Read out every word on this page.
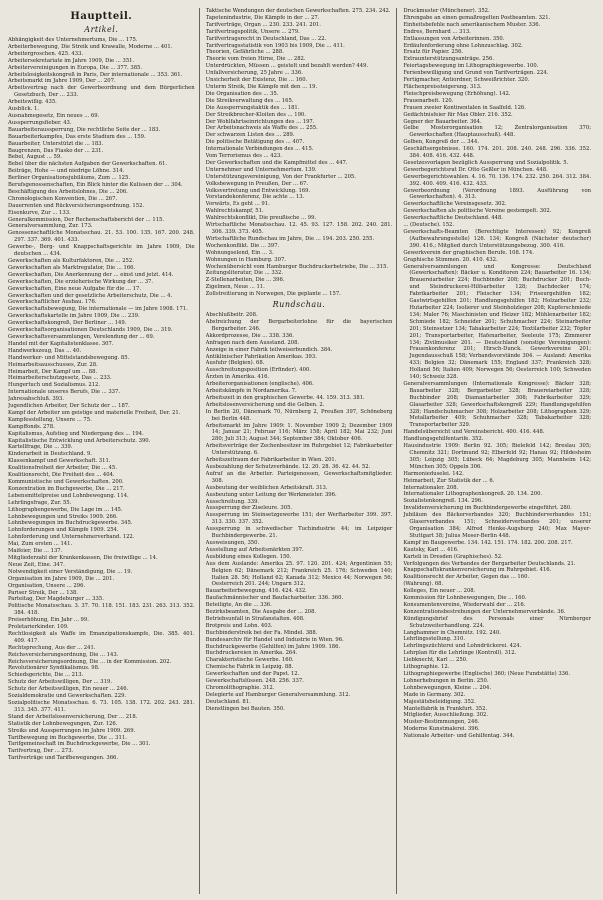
Hauptteil.
Artikel.
Abhängigkeit des Unternehmertums, Die ... 175.
Arbeiterbewegung, Die Streik und Krawalle, Moderne ... 401.
Arbeitergroschen. 425. 433.
Arbeitersekretariate im Jahre 1909, Die ... 351.
Arbeitervereinigungen in Europa, Die ... 377. 385.
Arbeitslosigkeitskongreß in Paris, Der internationale ... 353. 361.
Arbeitsmarkt im Jahre 1909, Der ... 207.
Arbeitsvertrag nach der Gewerbeordnung und dem Bürgerlichen Gesetzbuch, Der ... 233.
Arbeitswillig. 435.
Ausblick. 1.
Ausnahmegesetz, Ein neues ... 69.
Aussperrungsfieber. 43.
Bauarbeiteraussperrung, Die rechtliche Seite der ... 183.
Bauarbeiterkampfes, Das erste Stadium des ... 159.
Bauarbeiter, Unterstützt die ... 183.
Baugrenzen, Das Fiasko der ... 231.
Bebel, August ... 59.
Bebel über die nächsten Aufgaben der Gewerkschaften. 61.
Beiträge, Hohe — und niedrige Löhne. 314.
Berliner Organisationsjubiläums, Zum ... 125.
Berufsgenossenschaften, Ein Blick hinter die Kulissen der ... 304.
Beschäftigung des Arbeitslohnes, Die ... 206.
Chronologischen Konvention, Die ... 267.
Dauerrenten und Rückversicherungsordnung. 152.
Eisenkurve, Zur ... 133.
Generalkommission, Der Rechenschaftsbericht der ... 115.
Generalversammlung, Zur. 173.
Genossenschaftliche Monatsschau. 21. 53. 100. 135. 167. 200. 248. 297. 337. 369. 401. 433.
Gewerbe-, Berg- und Knappschaftsgerichte im Jahre 1909, Die deutschen ... 434.
Gewerkschaften als Kulturfaktoren, Die ... 252.
Gewerkschaften als Marktregulator, Die ... 166.
Gewerkschaften, Die Anerkennung der ... einst und jetzt. 414.
Gewerkschaften, Die erzieherische Wirkung der ... 37.
Gewerkschaften, Eine neue Aufgabe für die ... 17.
Gewerkschaften und der gesetzliche Arbeiterschutz, Die ... 4.
Gewerkschaftlicher Ausbau. 176.
Gewerkschaftsbewegung, Die internationale — im Jahre 1908. 171.
Gewerkschaftskartelle im Jahre 1909, Die ... 239.
Gewerkschaftskongreß, Der Berliner ... 149.
Gewerkschaftsorganisationen Deutschlands 1909, Die ... 319.
Gewerkschaftsversammlungen, Verelendung der ... 69.
Handel mit der Kapitalistenklasse. 307.
Handwerkszeug, Das ... 40.
Handwerker- und Mittelstandsbewegung. 85.
Heimarbeitsausschusses, Zur. 28.
Heimarbeit, Der Kampf um ... 88.
Heimarbeiterschutzgesetz, Das ... 233.
Hungertuch und Sozialismus. 212.
Internationale unseres Berufs, Die ... 337.
Jahresabschluß. 393.
Jugendlichen Arbeiter, Der Schutz der ... 187.
Kampf der Arbeiter um geistige und materielle Freiheit, Der. 21.
Kampfesstellung, Unsere ... 75.
Kampffonds. 278.
Kapitalismus, Aufstieg und Niedergang des ... 194.
Kapitalistische Entwicklung und Arbeiterschutz. 390.
Kartellfrage, Die ... 339.
Kinderarbeit in Deutschland. 9.
Klassenkampf und Gewerkschaft. 311.
Koalitionsfreiheit der Arbeiter, Die ... 45.
Koalitionsrecht, Die Freiheit des ... 404.
Kommunistische und Gewerkschaften. 200.
Konzentration im Buchgewerbe, Die ... 217.
Lebensmittelpreise und Lohnbewegung. 114.
Lehrlingsfrage, Zur. 55.
Lithographengewerbe, Die Lage im ... 145.
Lohnbewegungen und Streiks 1909. 266.
Lohnbewegungen im Buchdruckgewerbe. 345.
Lohnforderungen und Kämpfe 1909. 254.
Lohnforderung und Unternehmerverband. 122.
Mai, Zum ersten ... 141.
Maifeier, Die ... 137.
Mitgliederzahl der Krankenkassen, Die freiwillige ... 14.
Neue Zeit, Eine. 347.
Notwendigkeit einer Verständigung, Die ... 19.
Organisation im Jahre 1909, Die ... 201.
Organisation, Unsere ... 296.
Pariser Streik, Der ... 138.
Parteitag, Der Magdeburger ... 335.
Politische Monatsschau. 3. 37. 70. 118. 151. 183. 231. 263. 313. 352. 384. 418.
Preiserhöhung, Ein Jahr ... 99.
Proletarierkinder. 109.
Rechtlosigkeit als Waffe im Emanzipationskampfe, Die. 385. 401. 409. 417.
Rechtsprechung, Aus der ... 241.
Reichsversicherungsordnung, Die ... 143.
Reichsversicherungsordnung, Die ... in der Kommission. 202.
Revolutionärer Syndikalismus. 98.
Schiedsgerichte, Die ... 213.
Schutz der Arbeitswilligen, Der ... 319.
Schutz der Arbeitswilligen, Ein neuer ... 246.
Sozialdemokratie und Gewerkschaften. 229.
Sozialpolitische Monatsschau. 6. 73. 105. 138. 172. 202. 243. 281. 313. 345. 377. 411.
Stand der Arbeitslosenversicherung, Der ... 218.
Statistik der Lohnbewegungen, Zur. 126.
Streiks und Aussperrungen im Jahre 1909. 269.
Tarifbewegung im Buchgewerbe, Die ... 311.
Tarifgemeinschaft im Buchdruckgewerbe, Die ... 301.
Tarifvertrag, Der ... 273.
Tarifverträge und Tarifbewegungen. 366.
Taktische Wendungen der deutschen Gewerkschaften. 275. 234. 242.
Tapetenindustrie, Die Kämpfe in der ... 27.
Tarifverträge, Organ ... 230. 233. 241. 201.
Tarifvertragspolitik, Unsere ... 279.
Tarifvertragsrecht in Deutschland, Das ... 22.
Tarifvertragsstatistik von 1903 bis 1909, Die ... 411.
Theorien, Gefährliche ... 288.
Theorie vom freien Hirne, Die ... 282.
Unterdrückten, Müssen ... geistelt und bezahlt werden? 449.
Unfallversicherung, 25 Jahre ... 336.
Unsicherheit der Existenz, Die ... 160.
Unterm Streik, Die Kämpfe mit den ... 19.
Die Organisation des ... 35.
Die Streikverwaltung des ... 165.
Die Aussperrungstaktik des ... 181.
Der Streikbrecher-Kloiten des ... 190.
Der Wohlfahrtseinrichtungen des ... 197.
Der Arbeitsnachweis als Waffe des ... 255.
Der schwarzen Listen des ... 289.
Die politische Betätigung des ... 407.
Internationale Verbindungen des ... 415.
Vom Terrorismus des ... 423.
Der Gewerkschaften und die Kampfmittel des ... 447.
Unternehmer und Unternehmertum. 139.
Unterstützungsvereinigung, Von der Frankfurter ... 205.
Volksbewegung in Preußen, Der ... 67.
Volksvertretung und Entwicklung. 169.
Vorstandekonferenz, Die achte ... 13.
Vorwärts, Es geht ... 91.
Wahlrechtskampf, 51.
Wahlrechtskonflikt, Die preußische ... 99.
Wirtschaftliche Monatsschau. 12. 45. 93. 127. 158. 202. 240. 281. 306. 339. 373. 405.
Wirtschaftliche Rundschau im Jahre, Die ... 194. 203. 250. 255.
Wochenkonflikt. Die ... 397.
Wohnungselend, Ein ... 3.
Wohnungen in Hamburg. 307.
Wochenübersicht vom Hamburger Buchdruckerbetriebe, Die ... 315.
Zeitungsliteratur, Die ... 332.
Z-Stellenarbeiten, Die ... 396.
Zigelmen, Neue ... 11.
Zollstreitierung in Norwegen, Die geplante ... 157.
Rundschau.
Abschlußbeitr. 208.
Abstreichung der Bergarbeiterlohne für die bayerischen Bergarbeiter. 246.
Akkordprozesse, Die ... 338. 336.
Anfragen nach dem Ausstand. 208.
Anzeige in einer Fabrik teilweiserbundich. 384.
Antiklinischer Fabrikation Amerikas. 393.
Ausfuhr (Belgien). 68.
Ausschreitungsposition (Erfinder). 400.
Ärzten in Amerika. 416.
Arbeiterorganisationen (englische). 406.
Arbeitskämpfe in Nordamerika. 7.
Arbeitszeit in den graphischen Gewerbe. 44. 159. 313. 381.
Arbeitslosenversicherung und die Gelben. 2.
In Berlin 20, Dänemark 70, Nürnberg 2, Preußen 397, Schöneberg bei Berlin 448.
Arbeitsmarkt im Jahre 1909: 1. November 1909 2; Dezember 1909 14; Januar 21; Februar 116; März 158; April 182; Mai 232; Juni 280; Juli 313; August 344; September 384; Oktober 406.
Arbeitsverträge der Zechenbesitzer im Ruhrgebiet 12; Fabrikarbeiter Unterstützung. 6.
Arbeitszeitraum der Fabrikarbeiter in Wien. 201.
Ausbezahlung der Schutzverbände. 12. 20. 28. 36. 42. 44. 52.
Aufruf an die Arbeiter. Parteigenossen, Gewerkschaftsmitglieder. 308.
Ausbeutung der weiblichen Arbeitskraft. 313.
Ausbeutung unter Leitung der Werkmeister. 396.
Ausschreitung. 339.
Aussperrung der Ziseleure. 305.
Aussperrung im Steinsetzgewerbe 151; der Werftarbeiter 399. 397. 313. 330. 337. 352.
Aussperrung in schwedischer Tuchindustrie 44; im Leipziger Buchbindergewerbe. 21.
Ausweisungen, 350.
Ausstellung auf Arbeitsmärkten 397.
Ausbildung eines Kollegen. 150.
Aus dem Auslande: Amerika 25. 97. 120. 201. 424; Argentinien 55; Belgien 62; Dänemark 212; Frankreich 25. 176; Schweden 140; Italien 28. 56; Holland 62; Kanada 312; Mexico 44; Norwegen 56; Oesterreich 201. 244; Ungarn 312.
Bauarbeiterbewegung. 416. 424. 432.
Baufachmännischer und Baufacharbeiter. 336. 360.
Beteiligte, An die ... 336.
Bezirksbeamten, Die Ausgabe der ... 208.
Betriebsunfall in Strafanstalten. 408.
Brotpreis und Lohn. 403.
Buchbinderstreik bei der Fa. Mindel. 388.
Bundesarchiv für Handel und Industrie in Wien. 96.
Buchdruckgewerbe (Gehilfen) im Jahre 1909. 186.
Buchdruckereien in Amerika. 264.
Charakteristische Gewerbe. 160.
Chemische Fabrik in Leipzig. 88.
Gewerkschaften und der Papst. 12.
Gewerkschaftslüssen. 248. 256. 337.
Chromolithographie. 312.
Delegierte auf Hamburger Generalversammlung. 312.
Deutschland. 81.
Dienstlingen bei Bauten. 350.
Druckmuster (Münchener). 352.
Ehrengabe an einen gemaßregelten Postbeamten. 321.
Einheitsbefehle nach amerikanischem Muster. 336.
Endres, Bernhard ... 313.
Entlassungen von Arbeiterinnen. 350.
Erdäufenforderung ohne Lohnzuschlag. 302.
Ersatz für Papier. 256.
Extraunterstützungsanträge. 256.
Feiertagsbewegung im Lithographiegewerbe. 100.
Ferienbewilligung und Grund von Tarifverträgen. 224.
Fertigmacher, Antiordner, Schweißrichter. 320.
Flächenpreissteigerung. 313.
Fleischpreisbewegung (Erhöhung). 142.
Frauenarbeit. 120.
Frauen zweier Kontinentalen in Saalfeld. 126.
Gedächtnisfeier für Max Obler. 216. 352.
Gegner der Bauarbeiter. 364.
Gelbe Mosterorganisation 12; Zentralorganisation 370; Gewerkschaften (Hauptausschuß). 448.
Gelben, Kongreß der ... 344.
Geschäftsergebnisse. 160. 174. 201. 208. 240. 248. 296. 336. 352. 384. 408. 416. 432. 448.
Gesetzesvorlagen bezüglich Aussperrung und Sozialpolitik. 5.
Gewerbegerichtsrat Dr. Otto Geßler in München. 448.
Gewerbegerichtswahlen. 4. 16. 70. 136. 174. 232. 250. 264. 312. 384. 392. 400. 409. 416. 432. 433.
Gewerbeordnung (Verordnung 1893. Ausführung von Gewerkschaften). 4. 313.
Gewerkschaftliche Vereinsgesetz. 302.
Gewerkschaften als politische Vereine gestempelt. 302.
Gewerkschaftliche Deutschland. 448.
... (Deutsche). 152.
Gewerkschafts-Beamten (Berechtigte Interessen) 92; Kongreß (Aufbewahrungsstelle) 126. 134; Kongreß (Nächster deutscher) 390. 416.; Mitglied durch Unterstützungsbezug. 300. 416.
Gewerkverein der graphischen Berufe. 108. 174.
Graphische Stimmen. 20. 410. 432.
Generalversammlungen und Kongresse: Deutschland (Gewerkschaften): Bäcker u. Konditoren 224; Bauarbeiter 16. 134; Brauereiarbeiter 224; Buchbinder 208; Buchdrucker 201; Buch- und Steindruckerei-Hilfsarbeiter 128; Dachdecker 174; Fabrikarbeiter 201; Fleischer 134; Friseurgehilfen 182; Gastwirtsgehilfen 201; Handlungsgehilfen 182; Holzarbeiter 232; Hutarbeiter 224; Isolierer und Steinholzleger 208; Kupferschmiede 134; Maler 76; Maschinisten und Heizer 182; Mühlenarbeiter 182; Schmiede 182; Schneider 201; Schuhmacher 224; Steinarbeiter 201; Steinsetzer 134; Tabakarbeiter 224; Textilarbeiter 232; Töpfer 201; Transportarbeiter, Hafenarbeiter, Seeleute 175; Zimmerer 134; Zivilmusiker 201. — Deutschland (sonstige Vereinigungen): Frauenkonferenz 201; Hirsch-Dunck. Gewerkvereine 201; Jugendausschuß 158; Verbandsvorstände 304. — Ausland: Amerika 433; Belgien 32; Dänemark 155; England 337; Frankreich 328; Holland 56; Italien 409; Norwegen 56; Oesterreich 100; Schweden 140; Schweiz 328.
Generalversammlungen (Internationale Kongresse): Bäcker 328; Bauarbeiter 328; Bergarbeiter 328; Brauereiarbeiter 328; Buchbinder 208; Diamantarbeiter 308; Fabrikarbeiter 329; Glasarbeiter 328; Gewerkschaftskongreß 229; Handlungsgehilfen 328; Handschuhmacher 308; Holzarbeiter 208; Lithographen 329; Metallarbeiter 409; Schuhmacher 328; Tabakarbeiter 328; Transportarbeiter 329.
Handelsübersicht und Vereinsbericht. 400. 416. 448.
Handlungsgehilfentarife. 352.
Hausindustrie 1909: Berlin 92. 305; Bielefeld 142; Breslau 305; Chemnitz 321; Dortmund 92; Elberfeld 92; Hanau 92; Hildesheim 305; Leipzig 305; Lübeck 64; Magdeburg 305; Mannheim 142; München 305; Oppeln 306.
Harmonieduselei. 142.
Heimarbeit, Zur Statistik der ... 6.
Internationaler. 208.
Internationaler Lithographenkongreß. 20. 134. 200.
Sozialistenkongreß. 134. 296.
Invalidenversicherung im Buchbindergewerbe eingeführt. 280.
Jubiläum des Bäckerverbandes 320; Buchbinderverbandes 151; Glaserverbandes 151; Schneiderverbandes 201; unserer Organisation 384; Alfred Henke-Augsburg 240; Max Mayer-Stuttgart 38; Julius Moser-Berlin 448.
Kampf im Baugewerbe. 134. 142. 151. 174. 182. 200. 208. 217.
Kautsky, Karl ... 416.
Karteli in Dresden (Graphisches). 52.
Verfolgungen des Verbandes der Bergarbeiter Deutschlands. 21.
Knappschaftskrankenversicherung im Ruhrgebiet. 416.
Koalitionsrecht der Arbeiter, Gegen das ... 160.
(Wahrung). 68.
Kolleges, Ein neuer ... 208.
Kommission für Lohnbewegungen, Die ... 160.
Konsumentenvereine, Wiederwahl der ... 216.
Konzentrationsbestrebungen der Unternehmerverbände. 36.
Kündigungsbrief des Personals einer Nürnberger Schutzweiterhandlung. 224.
Langhammer in Chemnitz. 192. 240.
Lehrlingsstellung. 310.
Lehrlingszüchterei und Lohndrückerei. 424.
Lehrplan für die Lehrlinge (Kontroll). 312.
Liebknecht, Karl ... 250.
Lithographie. 12.
Lithographiegewerbe (Englische) 360; (Neue Fundstätte) 336.
Lohnerhebungen in Berlin. 250.
Lohnbewegungen, Kleine ... 204.
Made in Germany. 302.
Majestätsbeleidigung. 352.
Mantelfabrik in Frankfurt. 352.
Mitglieder, Ausschließung. 302.
Muster-Bestimmungen, 246.
Moderne Kunstmalerei. 396.
Nationale Arbeiter- und Gehilfentag. 344.
